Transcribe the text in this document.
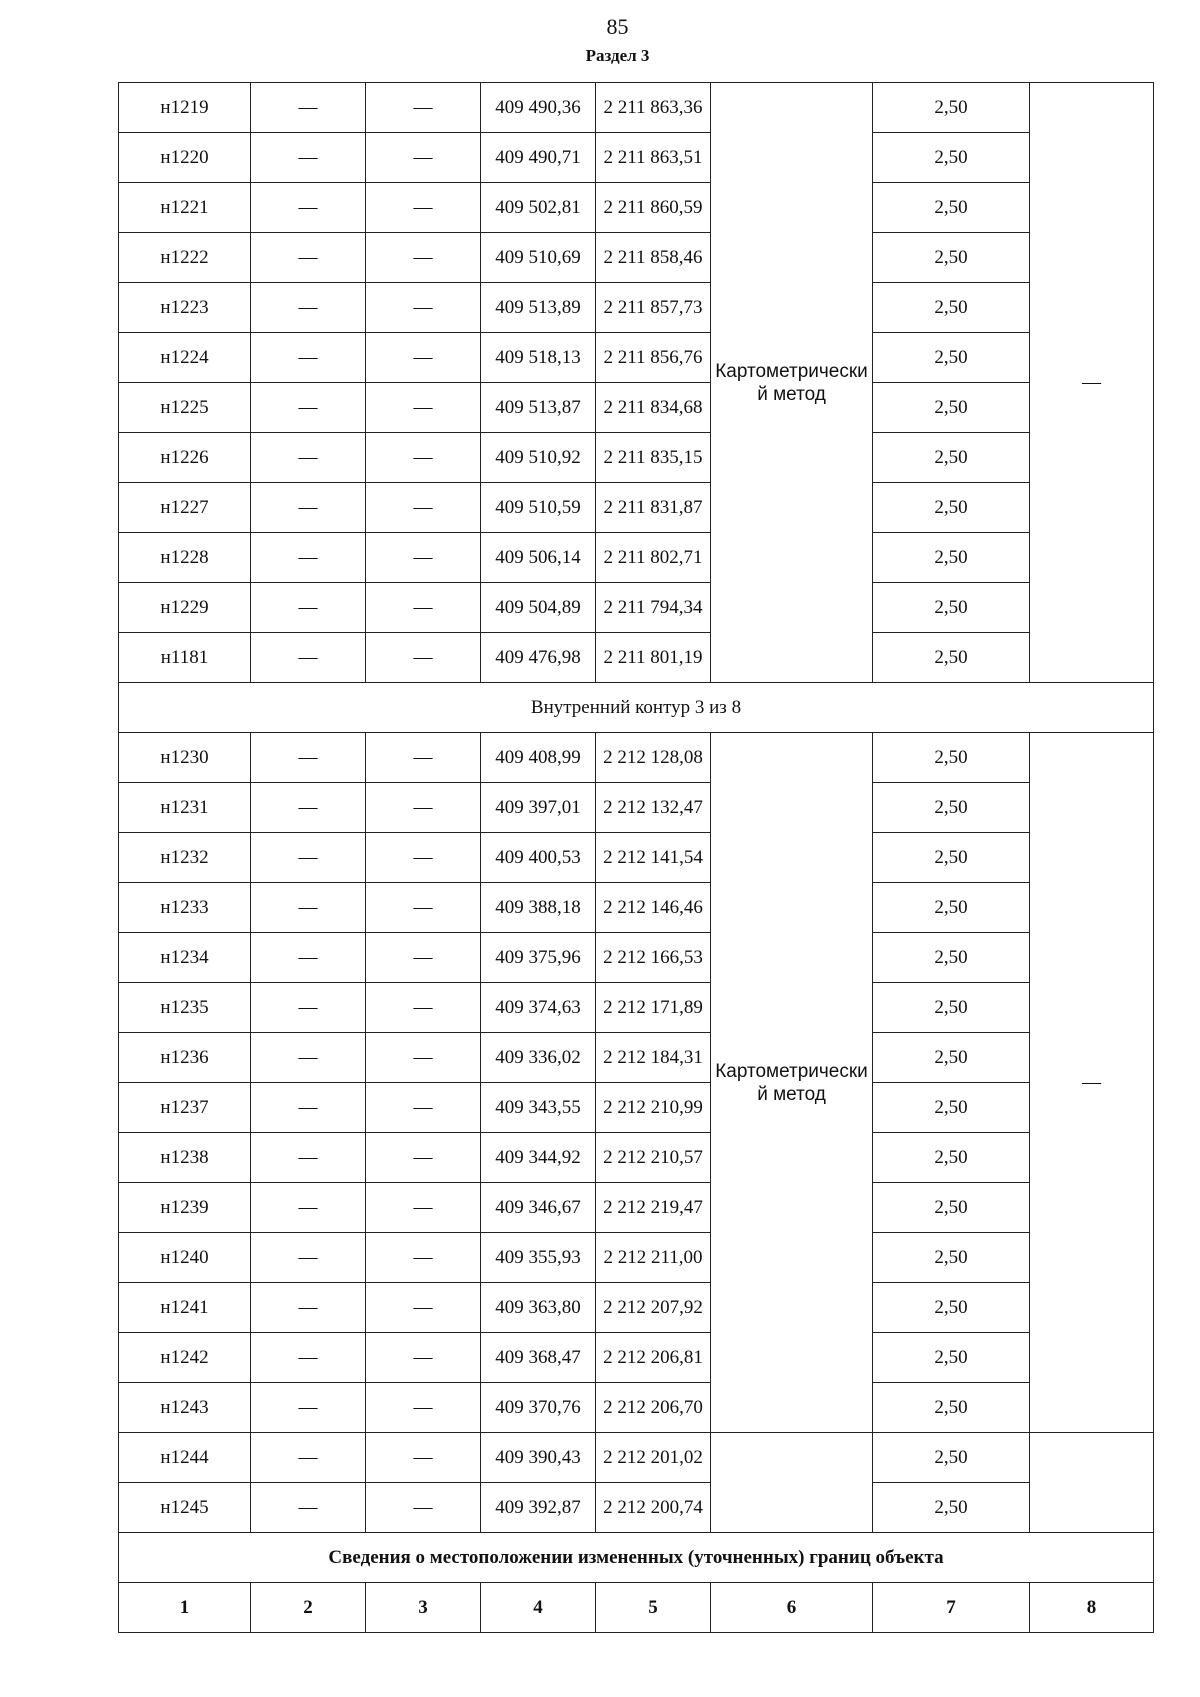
85
Раздел 3
н1219	—	—	409 490,36	2 211 863,36	Картометрически й метод	2,50	—
н1220	—	—	409 490,71	2 211 863,51		2,50	
н1221	—	—	409 502,81	2 211 860,59		2,50	
н1222	—	—	409 510,69	2 211 858,46		2,50	
н1223	—	—	409 513,89	2 211 857,73		2,50	
н1224	—	—	409 518,13	2 211 856,76		2,50	
н1225	—	—	409 513,87	2 211 834,68		2,50	
н1226	—	—	409 510,92	2 211 835,15		2,50	
н1227	—	—	409 510,59	2 211 831,87		2,50	
н1228	—	—	409 506,14	2 211 802,71		2,50	
н1229	—	—	409 504,89	2 211 794,34		2,50	
н1181	—	—	409 476,98	2 211 801,19		2,50	
Внутренний контур 3 из 8							
н1230	—	—	409 408,99	2 212 128,08	Картометрически й метод	2,50	—
н1231	—	—	409 397,01	2 212 132,47		2,50	
н1232	—	—	409 400,53	2 212 141,54		2,50	
н1233	—	—	409 388,18	2 212 146,46		2,50	
н1234	—	—	409 375,96	2 212 166,53		2,50	
н1235	—	—	409 374,63	2 212 171,89		2,50	
н1236	—	—	409 336,02	2 212 184,31		2,50	
н1237	—	—	409 343,55	2 212 210,99		2,50	
н1238	—	—	409 344,92	2 212 210,57		2,50	
н1239	—	—	409 346,67	2 212 219,47		2,50	
н1240	—	—	409 355,93	2 212 211,00		2,50	
н1241	—	—	409 363,80	2 212 207,92		2,50	
н1242	—	—	409 368,47	2 212 206,81		2,50	
н1243	—	—	409 370,76	2 212 206,70		2,50	
н1244	—	—	409 390,43	2 212 201,02		2,50	
н1245	—	—	409 392,87	2 212 200,74		2,50	
Сведения о местоположении измененных (уточненных) границ объекта							
1	2	3	4	5	6	7	8
